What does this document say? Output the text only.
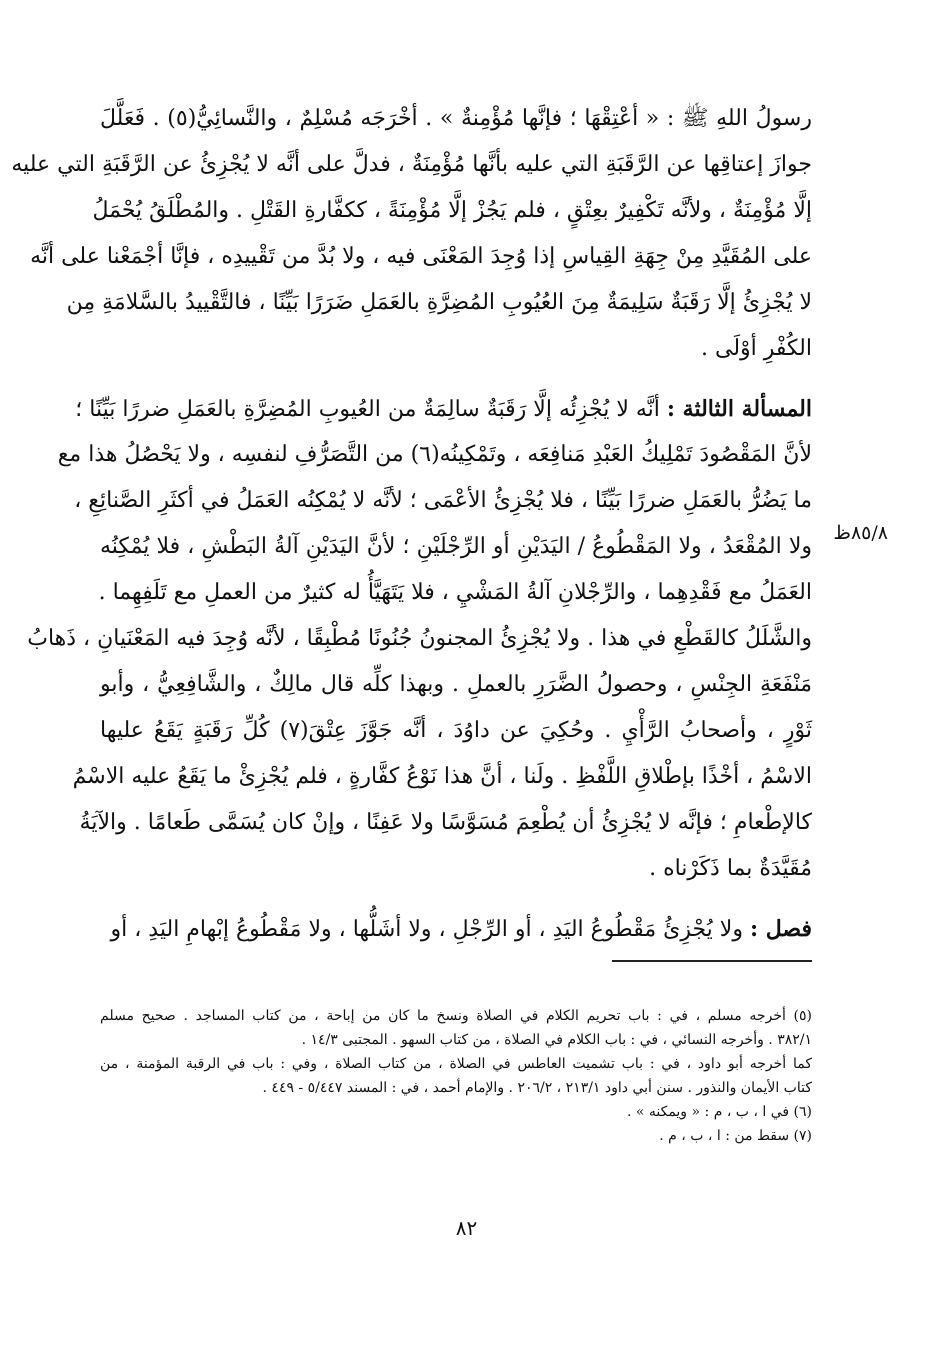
رسولُ اللهِ ﷺ : « أعْتِقْهَا ؛ فإنَّها مُؤْمِنةٌ » . أخْرَجَه مُسْلِمٌ ، والنَّسائِيُّ(٥) . فَعَلَّلَ
جوازَ إعتاقِها عن الرَّقَبَةِ التي عليه بأنَّها مُؤْمِنَةٌ ، فدلَّ على أنَّه لا يُجْزِئُ عن الرَّقَبَةِ التي عليه
إلَّا مُؤْمِنَةٌ ، ولأنَّه تَكْفِيرٌ بعِتْقٍ ، فلم يَجُزْ إلَّا مُؤْمِنَةً ، ككفَّارةِ القَتْلِ . والمُطْلَقُ يُحْمَلُ
على المُقَيَّدِ مِنْ جِهَةِ القِياسِ إذا وُجِدَ المَعْنَى فيه ، ولا بُدَّ من تَقْييدِه ، فإنَّا أجْمَعْنا على أنَّه
لا يُجْزِئُ إلَّا رَقَبَةٌ سَلِيمَةٌ مِنَ العُيُوبِ المُضِرَّةِ بالعَمَلِ ضَرَرًا بَيِّنًا ، فالتَّقْييدُ بالسَّلامَةِ مِن
الكُفْرِ أوْلَى .
المسألة الثالثة : أنَّه لا يُجْزِئُه إلَّا رَقَبَةٌ سالِمَةٌ من العُيوبِ المُضِرَّةِ بالعَمَلِ ضررًا بَيِّنًا ؛
لأنَّ المَقْصُودَ تَمْلِيكُ العَبْدِ مَنافِعَه ، وتَمْكِينُه(٦) من التَّصَرُّفِ لنفسِه ، ولا يَحْصُلُ هذا مع
ما يَضُرُّ بالعَمَلِ ضررًا بَيِّنًا ، فلا يُجْزِئُ الأعْمَى ؛ لأنَّه لا يُمْكِنُه العَمَلُ في أكثَرِ الصَّنائِعِ ،
ولا المُقْعَدُ ، ولا المَقْطُوعُ / اليَدَيْنِ أو الرِّجْلَيْنِ ؛ لأنَّ اليَدَيْنِ آلةُ البَطْشِ ، فلا يُمْكِنُه
العَمَلُ مع فَقْدِهِما ، والرِّجْلانِ آلةُ المَشْيِ ، فلا يَتَهَيَّأُ له كثيرٌ من العملِ مع تَلَفِهِما .
والشَّلَلُ كالقَطْعِ في هذا . ولا يُجْزِئُ المجنونُ جُنُونًا مُطْبِقًا ، لأنَّه وُجِدَ فيه المَعْنَيانِ ، ذَهابُ
مَنْفَعَةِ الجِنْسِ ، وحصولُ الضَّرَرِ بالعملِ . وبهذا كلِّه قال مالِكٌ ، والشَّافِعِيُّ ، وأبو
ثَوْرٍ ، وأصحابُ الرَّأْيِ . وحُكِيَ عن داوُدَ ، أنَّه جَوَّزَ عِتْقَ(٧) كُلِّ رَقَبَةٍ يَقَعُ عليها
الاسْمُ ، أخْذًا بإطْلاقِ اللَّفْظِ . ولَنا ، أنَّ هذا نَوْعُ كفَّارةٍ ، فلم يُجْزِئْ ما يَقَعُ عليه الاسْمُ
كالإطْعامِ ؛ فإنَّه لا يُجْزِئُ أن يُطْعِمَ مُسَوَّسًا ولا عَفِنًا ، وإنْ كان يُسَمَّى طَعامًا . والآيَةُ
مُقَيَّدَةٌ بما ذَكَرْناه .
فصل : ولا يُجْزِئُ مَقْطُوعُ اليَدِ ، أو الرِّجْلِ ، ولا أشَلُّها ، ولا مَقْطُوعُ إبْهامِ اليَدِ ، أو
٨٥/٨ظ
(٥) أخرجه مسلم ، في : باب تحريم الكلام في الصلاة ونسخ ما كان من إباحة ، من كتاب المساجد . صحيح مسلم
٣٨٢/١ . وأخرجه النسائي ، في : باب الكلام في الصلاة ، من كتاب السهو . المجتبى ١٤/٣ .
كما أخرجه أبو داود ، في : باب تشميت العاطس في الصلاة ، من كتاب الصلاة ، وفي : باب في الرقبة المؤمنة ، من
كتاب الأيمان والنذور . سنن أبي داود ٢١٣/١ ، ٢٠٦/٢ . والإمام أحمد ، في : المسند ٥/٤٤٧ - ٤٤٩ .
(٦) في ا ، ب ، م : « ويمكنه » .
(٧) سقط من : ا ، ب ، م .
٨٢
